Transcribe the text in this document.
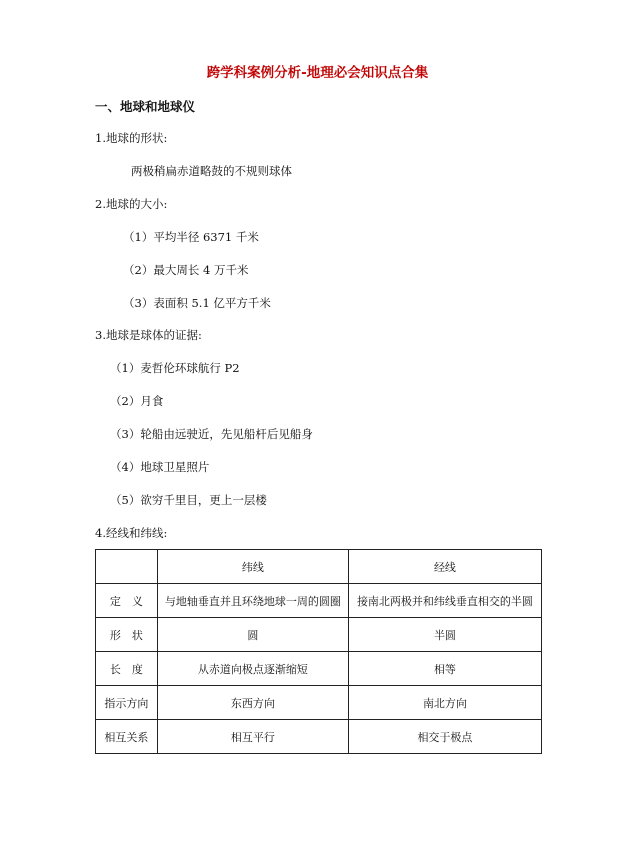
跨学科案例分析-地理必会知识点合集
一、地球和地球仪
1.地球的形状:
两极稍扁赤道略鼓的不规则球体
2.地球的大小:
（1）平均半径 6371 千米
（2）最大周长 4 万千米
（3）表面积 5.1 亿平方千米
3.地球是球体的证据:
（1）麦哲伦环球航行 P2
（2）月食
（3）轮船由远驶近，先见船杆后见船身
（4）地球卫星照片
（5）欲穷千里目，更上一层楼
4.经线和纬线:
	纬线	经线
定　义	与地轴垂直并且环绕地球一周的圆圈	接南北两极并和纬线垂直相交的半圆
形　状	圆	半圆
长　度	从赤道向极点逐渐缩短	相等
指示方向	东西方向	南北方向
相互关系	相互平行	相交于极点
